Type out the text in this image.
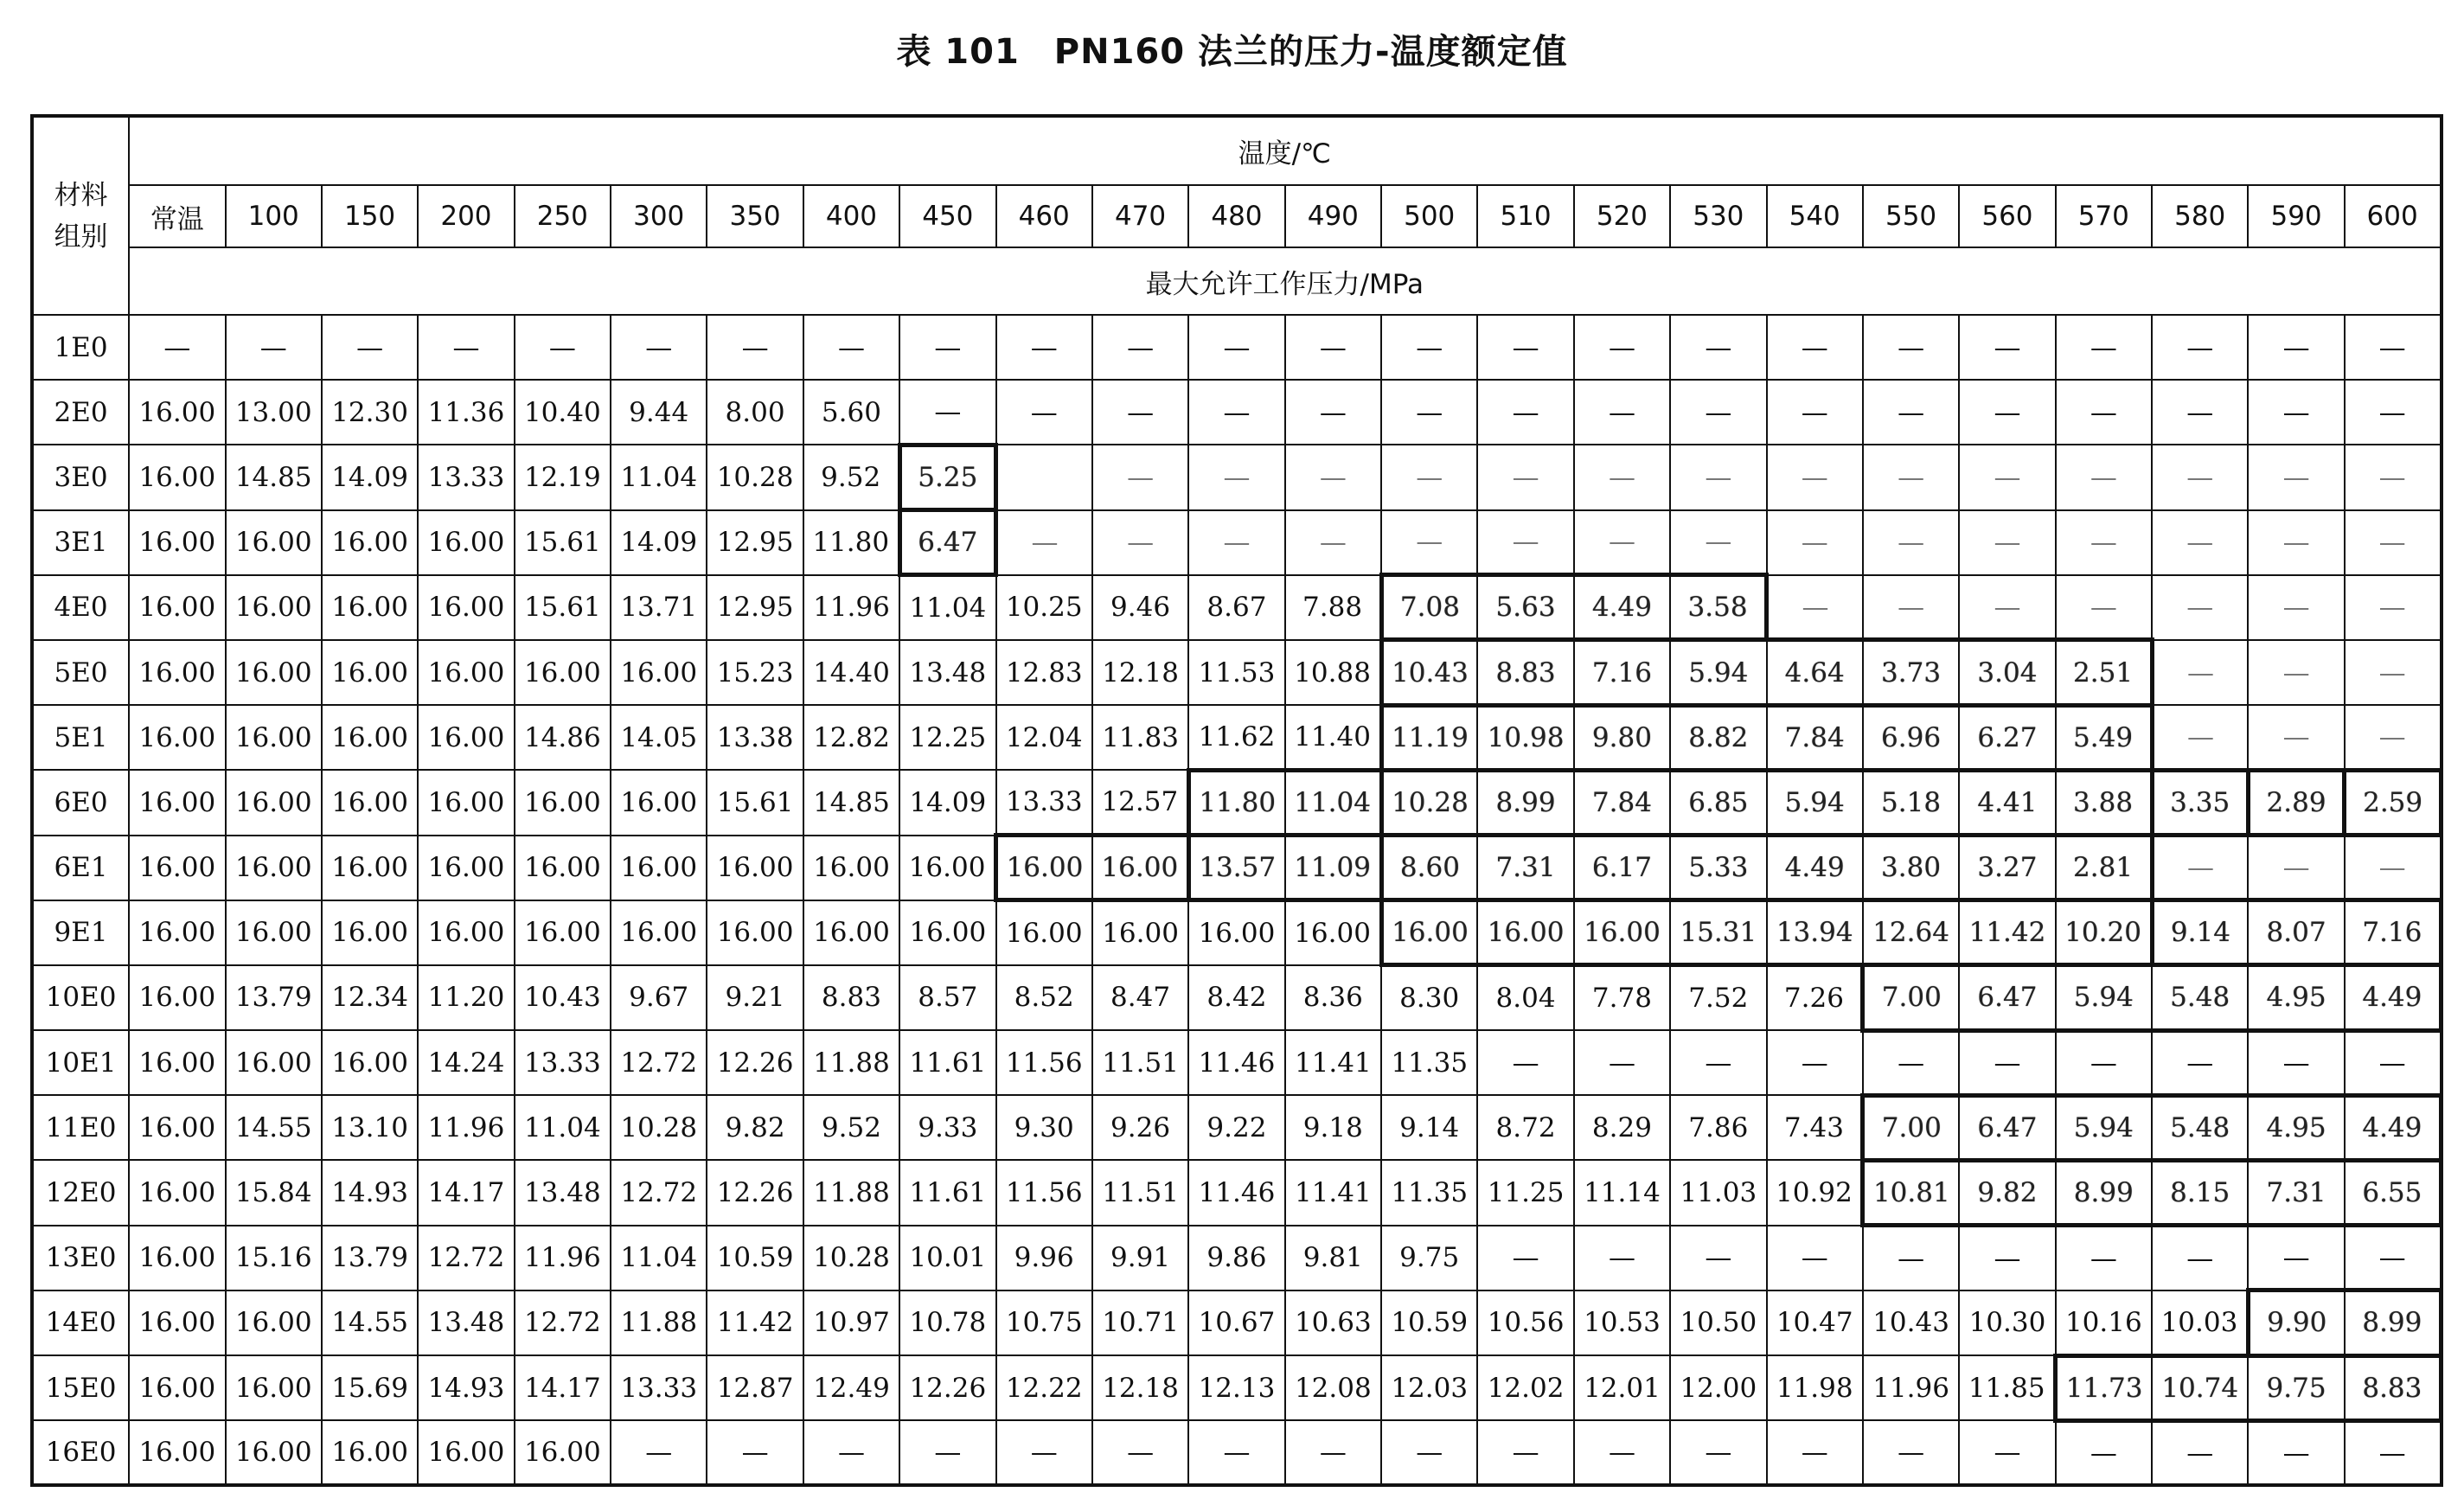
表 101 PN160 法兰的压力-温度额定值
材料组别	温度/℃																							
	常温	100	150	200	250	300	350	400	450	460	470	480	490	500	510	520	530	540	550	560	570	580	590	600
	最大允许工作压力/MPa																							
1E0	—	—	—	—	—	—	—	—	—	—	—	—	—	—	—	—	—	—	—	—	—	—	—	—
2E0	16.00	13.00	12.30	11.36	10.40	9.44	8.00	5.60	—	—	—	—	—	—	—	—	—	—	—	—	—	—	—	—
3E0	16.00	14.85	14.09	13.33	12.19	11.04	10.28	9.52	5.25		—	—	—	—	—	—	—	—	—	—	—	—	—	—
3E1	16.00	16.00	16.00	16.00	15.61	14.09	12.95	11.80	6.47	—	—	—	—	—	—	—	—	—	—	—	—	—	—	—
4E0	16.00	16.00	16.00	16.00	15.61	13.71	12.95	11.96	11.04	10.25	9.46	8.67	7.88	7.08	5.63	4.49	3.58	—	—	—	—	—	—	—
5E0	16.00	16.00	16.00	16.00	16.00	16.00	15.23	14.40	13.48	12.83	12.18	11.53	10.88	10.43	8.83	7.16	5.94	4.64	3.73	3.04	2.51	—	—	—
5E1	16.00	16.00	16.00	16.00	14.86	14.05	13.38	12.82	12.25	12.04	11.83	11.62	11.40	11.19	10.98	9.80	8.82	7.84	6.96	6.27	5.49	—	—	—
6E0	16.00	16.00	16.00	16.00	16.00	16.00	15.61	14.85	14.09	13.33	12.57	11.80	11.04	10.28	8.99	7.84	6.85	5.94	5.18	4.41	3.88	3.35	2.89	2.59
6E1	16.00	16.00	16.00	16.00	16.00	16.00	16.00	16.00	16.00	16.00	16.00	13.57	11.09	8.60	7.31	6.17	5.33	4.49	3.80	3.27	2.81	—	—	—
9E1	16.00	16.00	16.00	16.00	16.00	16.00	16.00	16.00	16.00	16.00	16.00	16.00	16.00	16.00	16.00	16.00	15.31	13.94	12.64	11.42	10.20	9.14	8.07	7.16
10E0	16.00	13.79	12.34	11.20	10.43	9.67	9.21	8.83	8.57	8.52	8.47	8.42	8.36	8.30	8.04	7.78	7.52	7.26	7.00	6.47	5.94	5.48	4.95	4.49
10E1	16.00	16.00	16.00	14.24	13.33	12.72	12.26	11.88	11.61	11.56	11.51	11.46	11.41	11.35	—	—	—	—	—	—	—	—	—	—
11E0	16.00	14.55	13.10	11.96	11.04	10.28	9.82	9.52	9.33	9.30	9.26	9.22	9.18	9.14	8.72	8.29	7.86	7.43	7.00	6.47	5.94	5.48	4.95	4.49
12E0	16.00	15.84	14.93	14.17	13.48	12.72	12.26	11.88	11.61	11.56	11.51	11.46	11.41	11.35	11.25	11.14	11.03	10.92	10.81	9.82	8.99	8.15	7.31	6.55
13E0	16.00	15.16	13.79	12.72	11.96	11.04	10.59	10.28	10.01	9.96	9.91	9.86	9.81	9.75	—	—	—	—	—	—	—	—	—	—
14E0	16.00	16.00	14.55	13.48	12.72	11.88	11.42	10.97	10.78	10.75	10.71	10.67	10.63	10.59	10.56	10.53	10.50	10.47	10.43	10.30	10.16	10.03	9.90	8.99
15E0	16.00	16.00	15.69	14.93	14.17	13.33	12.87	12.49	12.26	12.22	12.18	12.13	12.08	12.03	12.02	12.01	12.00	11.98	11.96	11.85	11.73	10.74	9.75	8.83
16E0	16.00	16.00	16.00	16.00	16.00	—	—	—	—	—	—	—	—	—	—	—	—	—	—	—	—	—	—	—
